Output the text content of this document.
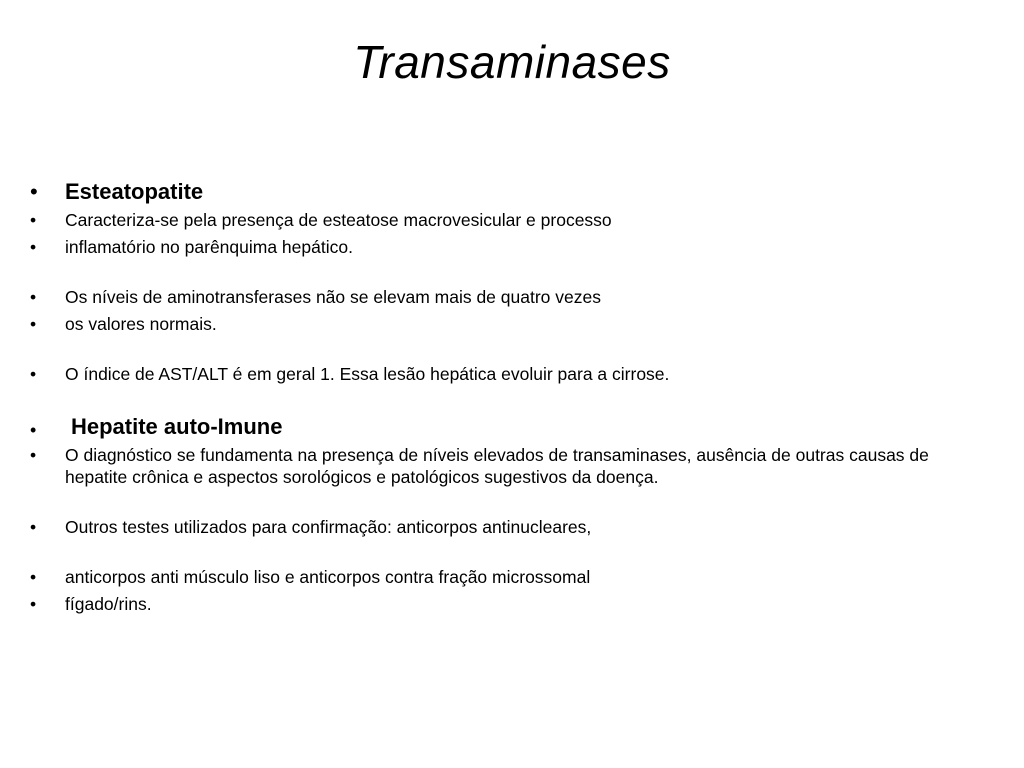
Transaminases
•	Esteatopatite
•	Caracteriza-se pela presença de esteatose macrovesicular e processo
•	inflamatório no parênquima hepático.
•	Os níveis de aminotransferases não se elevam mais de quatro vezes
•	os valores normais.
•	O índice de AST/ALT é em geral 1. Essa lesão hepática evoluir para a cirrose.
•	Hepatite auto-Imune
•	O diagnóstico se fundamenta na presença de níveis elevados de transaminases, ausência de outras causas de hepatite crônica e aspectos sorológicos e patológicos sugestivos da doença.
•	Outros testes utilizados para confirmação: anticorpos antinucleares,
•	anticorpos anti músculo liso e anticorpos contra fração microssomal
•	fígado/rins.
